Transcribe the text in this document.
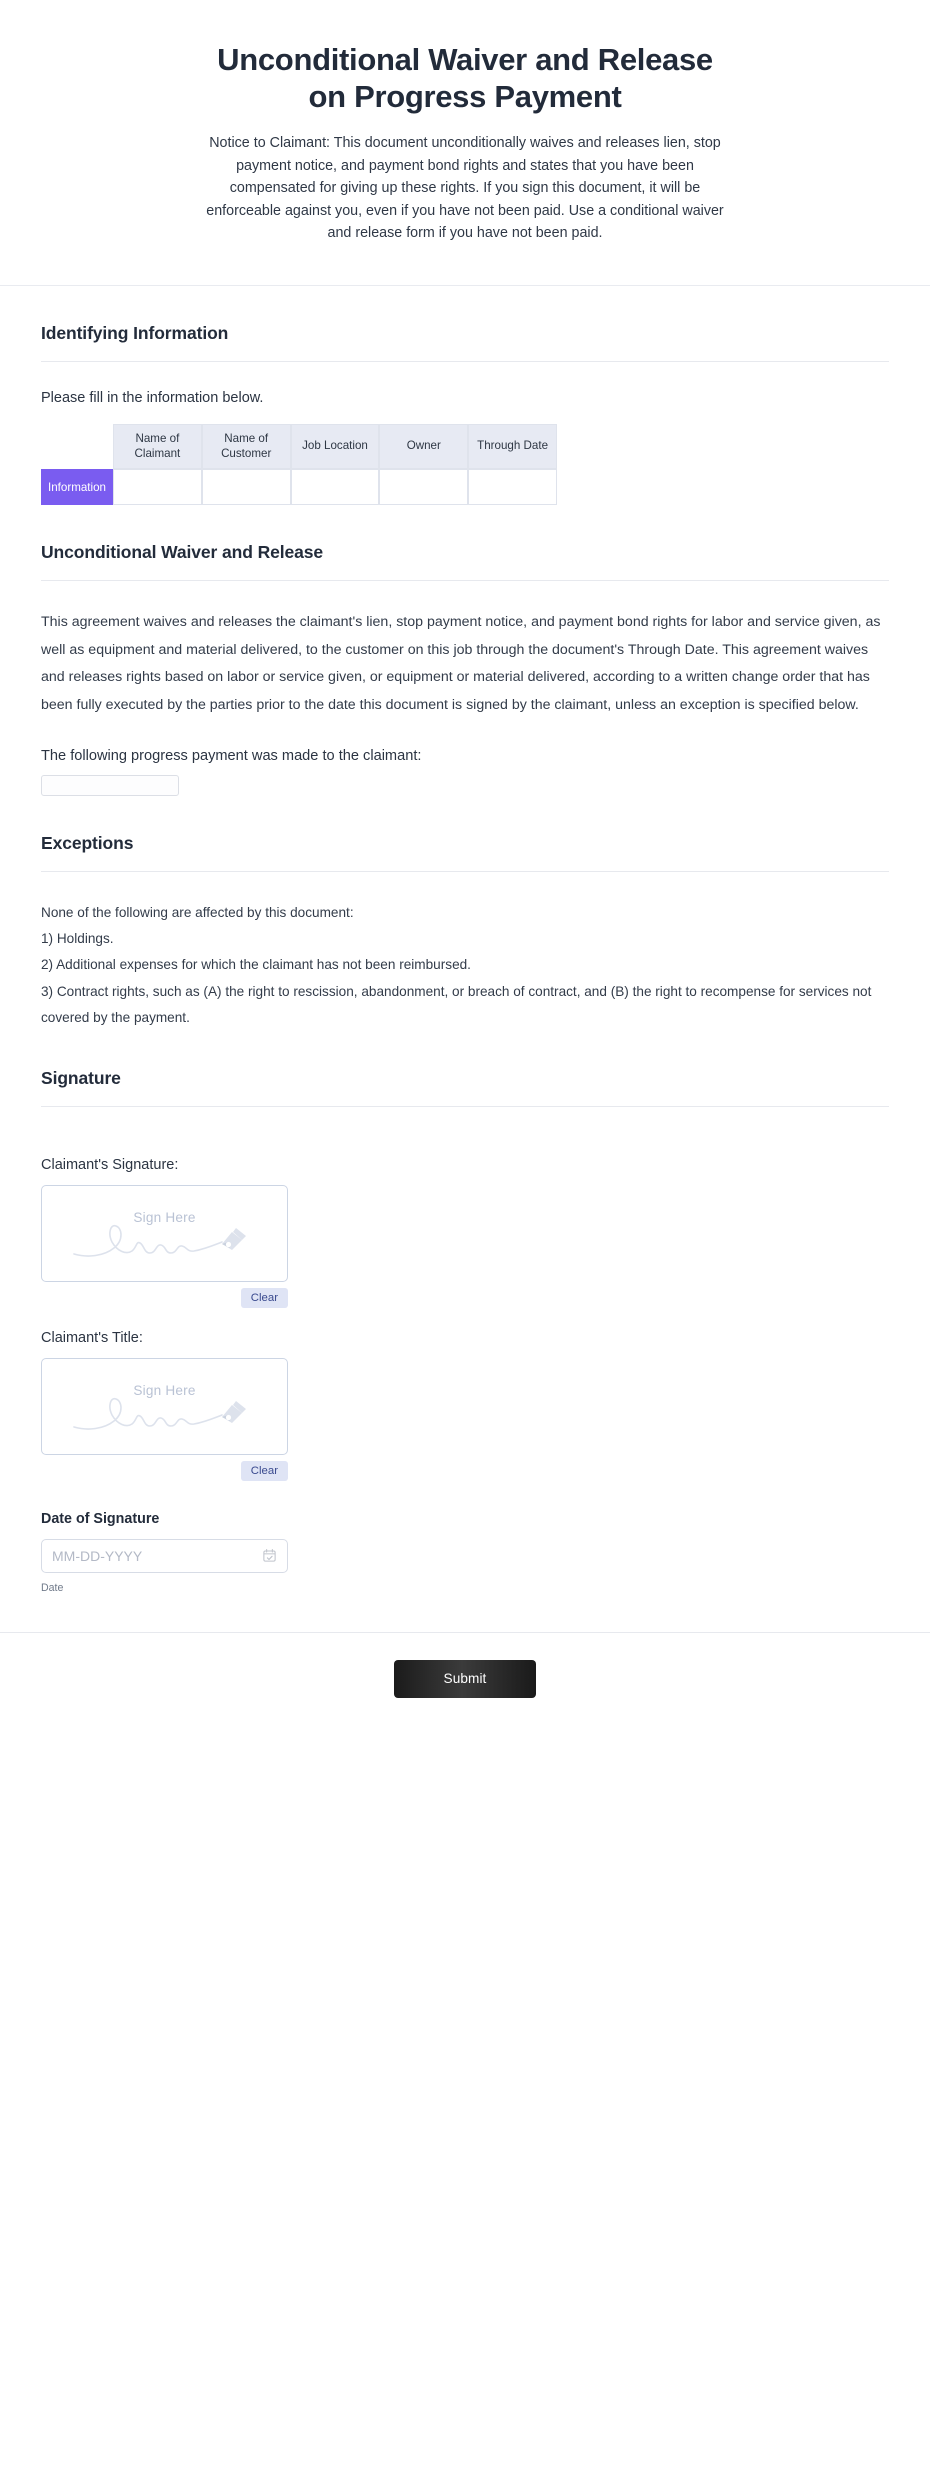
Unconditional Waiver and Release on Progress Payment
Notice to Claimant: This document unconditionally waives and releases lien, stop payment notice, and payment bond rights and states that you have been compensated for giving up these rights. If you sign this document, it will be enforceable against you, even if you have not been paid. Use a conditional waiver and release form if you have not been paid.
Identifying Information
Please fill in the information below.
	Name of Claimant	Name of Customer	Job Location	Owner	Through Date
Information					
Unconditional Waiver and Release
This agreement waives and releases the claimant's lien, stop payment notice, and payment bond rights for labor and service given, as well as equipment and material delivered, to the customer on this job through the document's Through Date. This agreement waives and releases rights based on labor or service given, or equipment or material delivered, according to a written change order that has been fully executed by the parties prior to the date this document is signed by the claimant, unless an exception is specified below.
The following progress payment was made to the claimant:
Exceptions
None of the following are affected by this document:
1) Holdings.
2) Additional expenses for which the claimant has not been reimbursed.
3) Contract rights, such as (A) the right to rescission, abandonment, or breach of contract, and (B) the right to recompense for services not covered by the payment.
Signature
Claimant's Signature:
Sign Here
Clear
Claimant's Title:
Sign Here
Clear
Date of Signature
MM-DD-YYYY
Date
Submit
